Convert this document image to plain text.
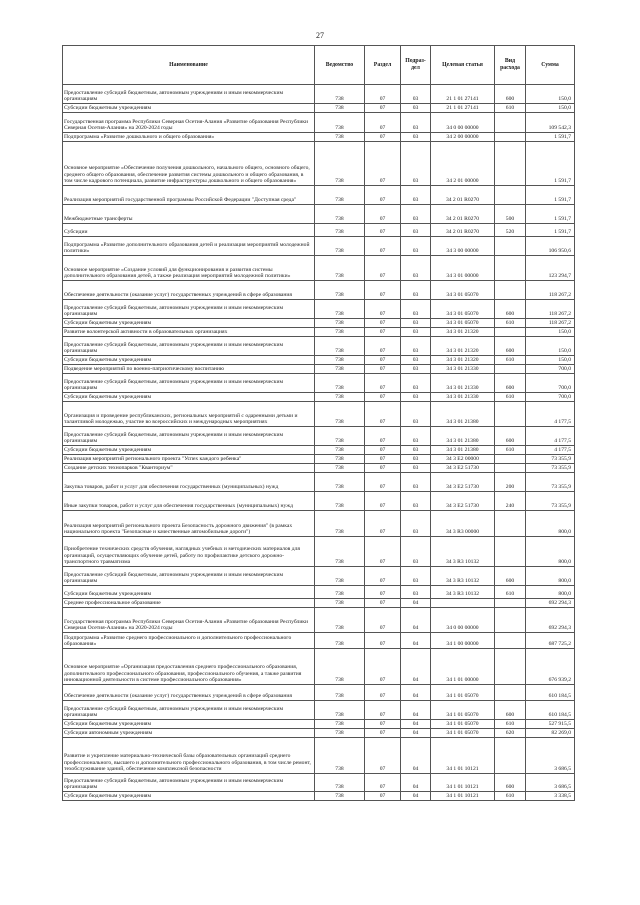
27
Наименование	Ведомство	Раздел	Подраз-дел	Целевая статья	Вид расхода	Сумма
Предоставление субсидий бюджетным, автономным учреждениям и иным некоммерческим организациям	738	07	03	21 1 01 27141	600	150,0
Субсидии бюджетным учреждениям	738	07	03	21 1 01 27141	610	150,0
Государственная программа Республики Северная Осетия-Алания «Развитие образования Республики Северная Осетия-Алания» на 2020-2024 годы	738	07	03	34 0 00 00000		109 542,3
Подпрограмма «Развитие дошкольного и общего образования»	738	07	03	34 2 00 00000		1 591,7
Основное мероприятие «Обеспечение получения дошкольного, начального общего, основного общего, среднего общего образования, обеспечение развития системы дошкольного и общего образования, в том числе кадрового потенциала, развитие инфраструктуры дошкольного и общего образования»	738	07	03	34 2 01 00000		1 591,7
Реализация мероприятий государственной программы Российской Федерации "Доступная среда"	738	07	03	34 2 01 R0270		1 591,7
Межбюджетные трансферты	738	07	03	34 2 01 R0270	500	1 591,7
Субсидии	738	07	03	34 2 01 R0270	520	1 591,7
Подпрограмма «Развитие дополнительного образования детей и реализация мероприятий молодежной политики»	738	07	03	34 3 00 00000		106 950,6
Основное мероприятие «Создание условий для функционирования и развития системы дополнительного образования детей, а также реализация мероприятий молодежной политики»	738	07	03	34 3 01 00000		123 294,7
Обеспечение деятельности (оказание услуг) государственных учреждений в сфере образования	738	07	03	34 3 01 05070		118 267,2
Предоставление субсидий бюджетным, автономным учреждениям и иным некоммерческим организациям	738	07	03	34 3 01 05070	600	118 267,2
Субсидии бюджетным учреждениям	738	07	03	34 3 01 05070	610	118 267,2
Развитие волонтерской активности в образовательных организациях	738	07	03	34 3 01 21320		150,0
Предоставление субсидий бюджетным, автономным учреждениям и иным некоммерческим организациям	738	07	03	34 3 01 21320	600	150,0
Субсидии бюджетным учреждениям	738	07	03	34 3 01 21320	610	150,0
Подведение мероприятий по военно-патриотическому воспитанию	738	07	03	34 3 01 21330		700,0
Предоставление субсидий бюджетным, автономным учреждениям и иным некоммерческим организациям	738	07	03	34 3 01 21330	600	700,0
Субсидии бюджетным учреждениям	738	07	03	34 3 01 21330	610	700,0
Организация и проведение республиканских, региональных мероприятий с одаренными детьми и талантливой молодежью, участие во всероссийских и международных мероприятиях	738	07	03	34 3 01 21380		4 177,5
Предоставление субсидий бюджетным, автономным учреждениям и иным некоммерческим организациям	738	07	03	34 3 01 21380	600	4 177,5
Субсидии бюджетным учреждениям	738	07	03	34 3 01 21380	610	4 177,5
Реализация мероприятий регионального проекта "Успех каждого ребенка"	738	07	03	34 3 E2 00000		73 355,9
Создание детских технопарков "Кванториум"	738	07	03	34 3 E2 51730		73 355,9
Закупка товаров, работ и услуг для обеспечения государственных (муниципальных) нужд	738	07	03	34 3 E2 51730	200	73 355,9
Иные закупки товаров, работ и услуг для обеспечения государственных (муниципальных) нужд	738	07	03	34 3 E2 51730	240	73 355,9
Реализация мероприятий регионального проекта Безопасность дорожного движения" (в рамках национального проекта "Безопасные и качественные автомобильные дороги")	738	07	03	34 3 R3 00000		800,0
Приобретение технических средств обучения, наглядных учебных и методических материалов для организаций, осуществляющих обучение детей, работу по профилактике детского дорожно-транспортного травматизма	738	07	03	34 3 R3 10132		800,0
Предоставление субсидий бюджетным, автономным учреждениям и иным некоммерческим организациям	738	07	03	34 3 R3 10132	600	800,0
Субсидии бюджетным учреждениям	738	07	03	34 3 R3 10132	610	800,0
Среднее профессиональное образование	738	07	04			692 294,3
Государственная программа Республики Северная Осетия-Алания «Развитие образования Республики Северная Осетия-Алания» на 2020-2024 годы	738	07	04	34 0 00 00000		692 294,3
Подпрограмма «Развитие среднего профессионального и дополнительного профессионального образования»	738	07	04	34 1 00 00000		687 725,2
Основное мероприятие «Организация предоставления среднего профессионального образования, дополнительного профессионального образования, профессионального обучения, а также развития инновационной деятельности в системе профессионального образования»	738	07	04	34 1 01 00000		676 939,2
Обеспечение деятельности (оказание услуг) государственных учреждений в сфере образования	738	07	04	34 1 01 05070		610 184,5
Предоставление субсидий бюджетным, автономным учреждениям и иным некоммерческим организациям	738	07	04	34 1 01 05070	600	610 184,5
Субсидии бюджетным учреждениям	738	07	04	34 1 01 05070	610	527 915,5
Субсидии автономным учреждениям	738	07	04	34 1 01 05070	620	82 269,0
Развитие и укрепление материально-технической базы образовательных организаций среднего профессионального, высшего и дополнительного профессионального образования, в том числе ремонт, техобслуживание зданий, обеспечение комплексной безопасности	738	07	04	34 1 01 10121		3 686,5
Предоставление субсидий бюджетным, автономным учреждениям и иным некоммерческим организациям	738	07	04	34 1 01 10121	600	3 686,5
Субсидии бюджетным учреждениям	738	07	04	34 1 01 10121	610	3 338,5
